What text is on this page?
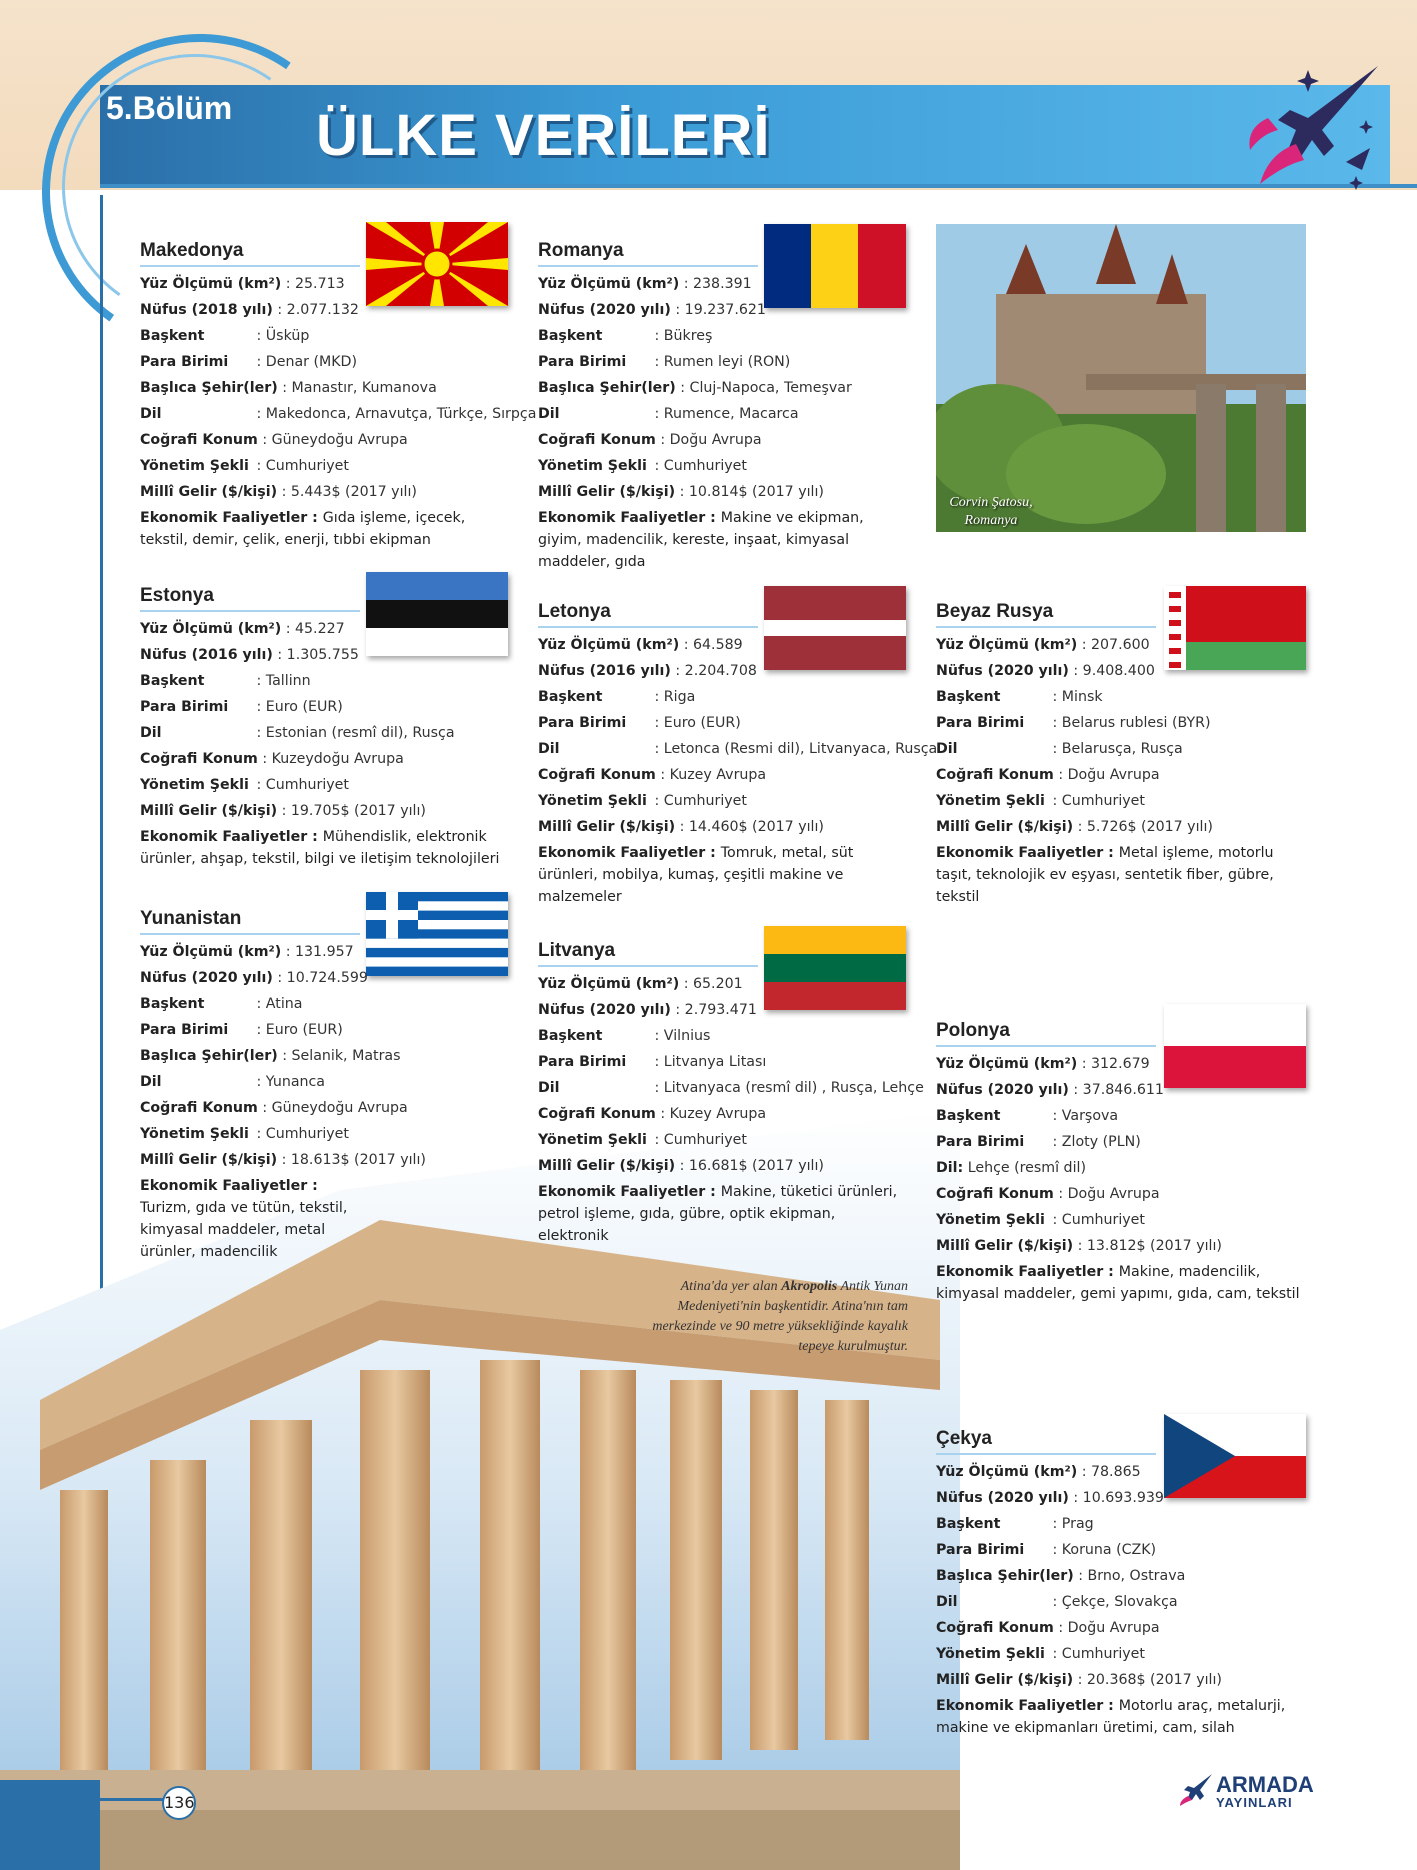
5.Bölüm ÜLKE VERİLERİ
Corvin Şatosu,
Romanya
Atina'da yer alan Akropolis Antik Yunan Medeniyeti'nin başkentidir. Atina'nın tam merkezinde ve 90 metre yüksekliğinde kayalık tepeye kurulmuştur.
Makedonya
Yüz Ölçümü (km²) : 25.713
Nüfus (2018 yılı) : 2.077.132
Başkent	: Üsküp
Para Birimi : Denar (MKD)
Başlıca Şehir(ler) : Manastır, Kumanova
Dil	: Makedonca, Arnavutça, Türkçe, Sırpça
Coğrafi Konum : Güneydoğu Avrupa
Yönetim Şekli : Cumhuriyet
Millî Gelir ($/kişi) : 5.443$ (2017 yılı)
Ekonomik Faaliyetler : Gıda işleme, içecek, tekstil, demir, çelik, enerji, tıbbi ekipman
Romanya
Yüz Ölçümü (km²) : 238.391
Nüfus (2020 yılı) : 19.237.621
Başkent	: Bükreş
Para Birimi : Rumen leyi (RON)
Başlıca Şehir(ler) : Cluj-Napoca, Temeşvar
Dil	: Rumence, Macarca
Coğrafi Konum : Doğu Avrupa
Yönetim Şekli : Cumhuriyet
Millî Gelir ($/kişi) : 10.814$ (2017 yılı)
Ekonomik Faaliyetler : Makine ve ekipman, giyim, madencilik, kereste, inşaat, kimyasal maddeler, gıda
Estonya
Yüz Ölçümü (km²) : 45.227
Nüfus (2016 yılı) : 1.305.755
Başkent	: Tallinn
Para Birimi : Euro (EUR)
Dil	: Estonian (resmî dil), Rusça
Coğrafi Konum : Kuzeydoğu Avrupa
Yönetim Şekli : Cumhuriyet
Millî Gelir ($/kişi) : 19.705$ (2017 yılı)
Ekonomik Faaliyetler : Mühendislik, elektronik ürünler, ahşap, tekstil, bilgi ve iletişim teknolojileri
Letonya
Yüz Ölçümü (km²) : 64.589
Nüfus (2016 yılı) : 2.204.708
Başkent	: Riga
Para Birimi : Euro (EUR)
Dil	: Letonca (Resmi dil), Litvanyaca, Rusça
Coğrafi Konum : Kuzey Avrupa
Yönetim Şekli : Cumhuriyet
Millî Gelir ($/kişi) : 14.460$ (2017 yılı)
Ekonomik Faaliyetler : Tomruk, metal, süt ürünleri, mobilya, kumaş, çeşitli makine ve malzemeler
Beyaz Rusya
Yüz Ölçümü (km²) : 207.600
Nüfus (2020 yılı) : 9.408.400
Başkent	: Minsk
Para Birimi : Belarus rublesi (BYR)
Dil	: Belarusça, Rusça
Coğrafi Konum : Doğu Avrupa
Yönetim Şekli : Cumhuriyet
Millî Gelir ($/kişi) : 5.726$ (2017 yılı)
Ekonomik Faaliyetler : Metal işleme, motorlu taşıt, teknolojik ev eşyası, sentetik fiber, gübre, tekstil
Yunanistan
Yüz Ölçümü (km²) : 131.957
Nüfus (2020 yılı) : 10.724.599
Başkent	: Atina
Para Birimi : Euro (EUR)
Başlıca Şehir(ler) : Selanik, Matras
Dil	: Yunanca
Coğrafi Konum : Güneydoğu Avrupa
Yönetim Şekli : Cumhuriyet
Millî Gelir ($/kişi) : 18.613$ (2017 yılı)
Ekonomik Faaliyetler : Turizm, gıda ve tütün, tekstil, kimyasal maddeler, metal ürünler, madencilik
Litvanya
Yüz Ölçümü (km²) : 65.201
Nüfus (2020 yılı) : 2.793.471
Başkent	: Vilnius
Para Birimi : Litvanya Litası
Dil	: Litvanyaca (resmî dil) , Rusça, Lehçe
Coğrafi Konum : Kuzey Avrupa
Yönetim Şekli : Cumhuriyet
Millî Gelir ($/kişi) : 16.681$ (2017 yılı)
Ekonomik Faaliyetler : Makine, tüketici ürünleri, petrol işleme, gıda, gübre, optik ekipman, elektronik
Polonya
Yüz Ölçümü (km²) : 312.679
Nüfus (2020 yılı) : 37.846.611
Başkent	: Varşova
Para Birimi : Zloty (PLN)
Dil: Lehçe (resmî dil)
Coğrafi Konum : Doğu Avrupa
Yönetim Şekli : Cumhuriyet
Millî Gelir ($/kişi) : 13.812$ (2017 yılı)
Ekonomik Faaliyetler : Makine, madencilik, kimyasal maddeler, gemi yapımı, gıda, cam, tekstil
Çekya
Yüz Ölçümü (km²) : 78.865
Nüfus (2020 yılı) : 10.693.939
Başkent	: Prag
Para Birimi : Koruna (CZK)
Başlıca Şehir(ler) : Brno, Ostrava
Dil	: Çekçe, Slovakça
Coğrafi Konum : Doğu Avrupa
Yönetim Şekli : Cumhuriyet
Millî Gelir ($/kişi) : 20.368$ (2017 yılı)
Ekonomik Faaliyetler : Motorlu araç, metalurji, makine ve ekipmanları üretimi, cam, silah
136
ARMADA
YAYINLARI
